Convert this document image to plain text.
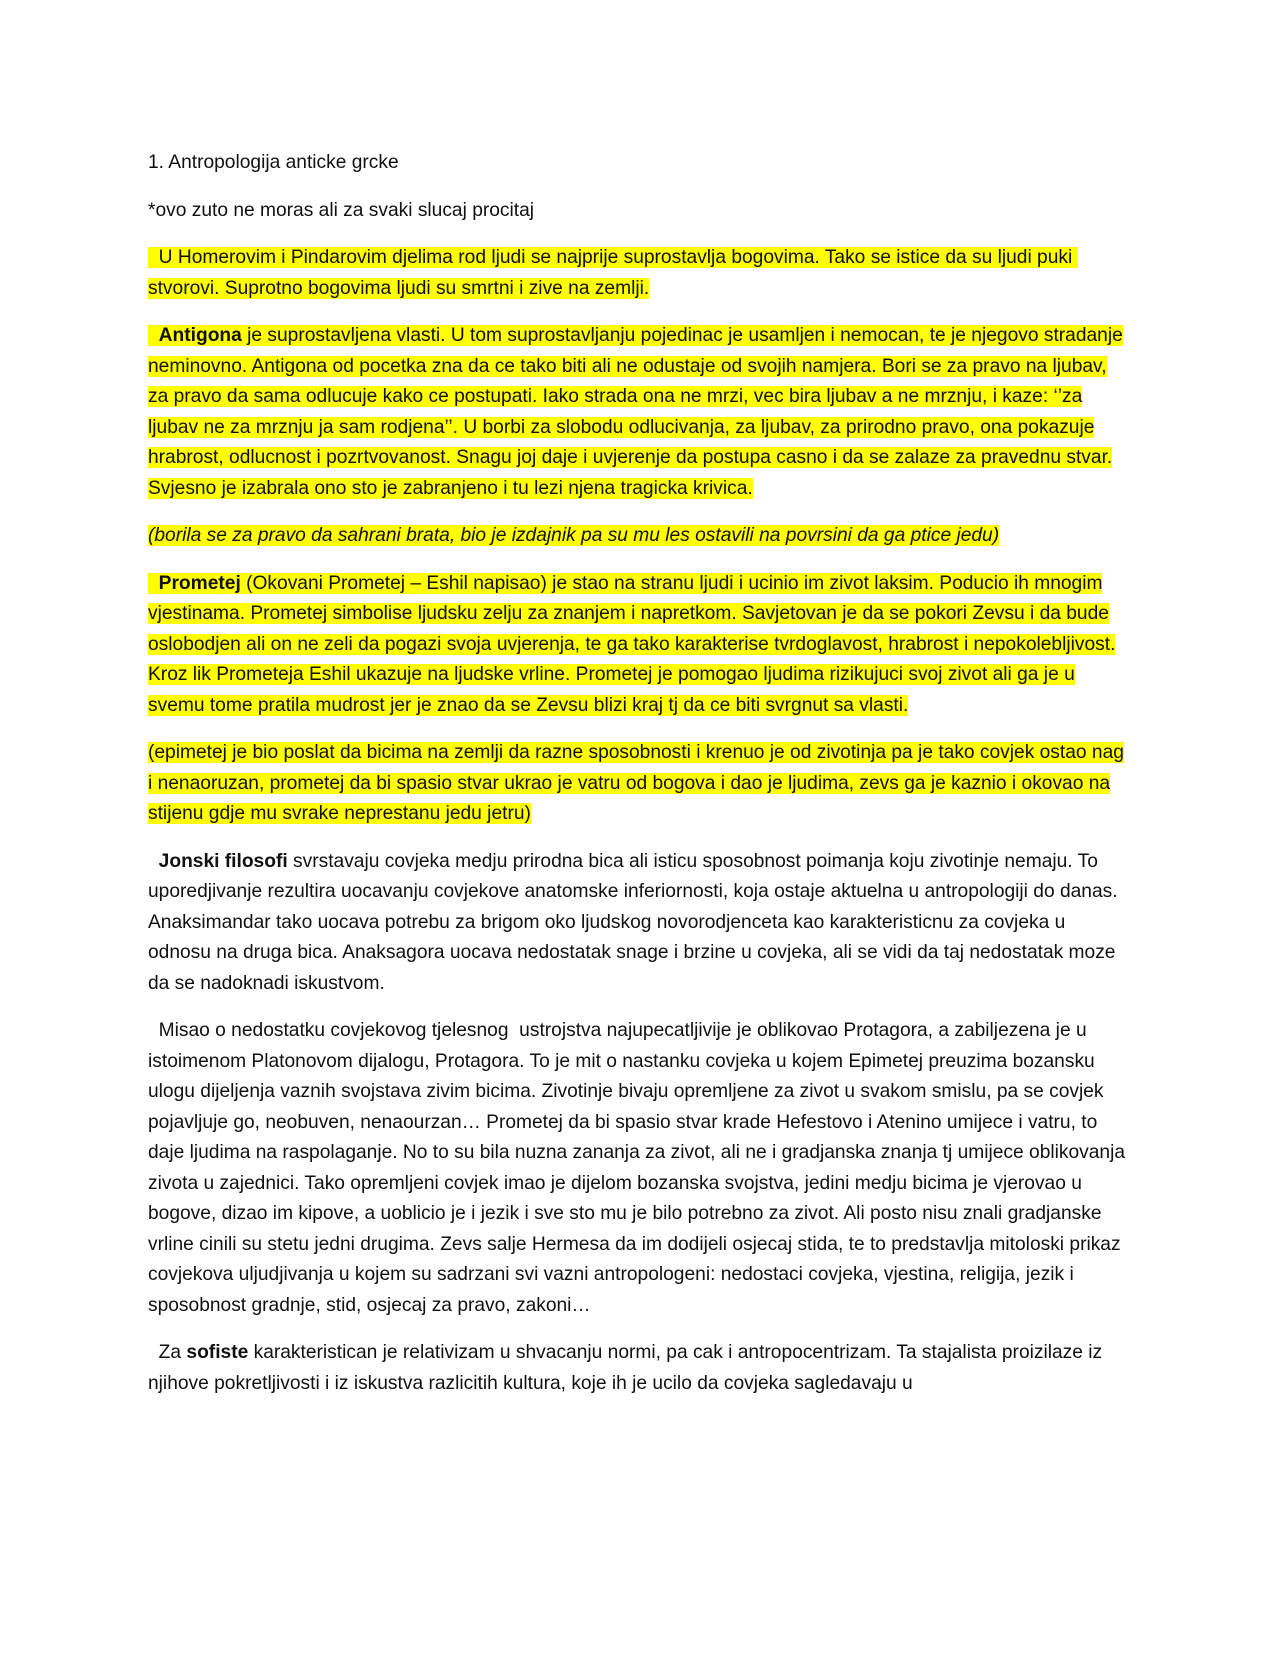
1. Antropologija anticke grcke

*ovo zuto ne moras ali za svaki slucaj procitaj

U Homerovim i Pindarovim djelima rod ljudi se najprije suprostavlja bogovima. Tako se istice da su ljudi puki stvorovi. Suprotno bogovima ljudi su smrtni i zive na zemlji.

Antigona je suprostavljena vlasti. U tom suprostavljanju pojedinac je usamljen i nemocan, te je njegovo stradanje neminovno. Antigona od pocetka zna da ce tako biti ali ne odustaje od svojih namjera. Bori se za pravo na ljubav, za pravo da sama odlucuje kako ce postupati. Iako strada ona ne mrzi, vec bira ljubav a ne mrznju, i kaze: ‘’za ljubav ne za mrznju ja sam rodjena’’. U borbi za slobodu odlucivanja, za ljubav, za prirodno pravo, ona pokazuje hrabrost, odlucnost i pozrtvovanost. Snagu joj daje i uvjerenje da postupa casno i da se zalaze za pravednu stvar. Svjesno je izabrala ono sto je zabranjeno i tu lezi njena tragicka krivica.

(borila se za pravo da sahrani brata, bio je izdajnik pa su mu les ostavili na povrsini da ga ptice jedu)

Prometej (Okovani Prometej – Eshil napisao) je stao na stranu ljudi i ucinio im zivot laksim. Poducio ih mnogim vjestinama. Prometej simbolise ljudsku zelju za znanjem i napretkom. Savjetovan je da se pokori Zevsu i da bude oslobodjen ali on ne zeli da pogazi svoja uvjerenja, te ga tako karakterise tvrdoglavost, hrabrost i nepokolebljivost. Kroz lik Prometeja Eshil ukazuje na ljudske vrline. Prometej je pomogao ljudima rizikujuci svoj zivot ali ga je u svemu tome pratila mudrost jer je znao da se Zevsu blizi kraj tj da ce biti svrgnut sa vlasti.

(epimetej je bio poslat da bicima na zemlji da razne sposobnosti i krenuo je od zivotinja pa je tako covjek ostao nag i nenaoruzan, prometej da bi spasio stvar ukrao je vatru od bogova i dao je ljudima, zevs ga je kaznio i okovao na stijenu gdje mu svrake neprestanu jedu jetru)

Jonski filosofi svrstavaju covjeka medju prirodna bica ali isticu sposobnost poimanja koju zivotinje nemaju. To uporedjivanje rezultira uocavanju covjekove anatomske inferiornosti, koja ostaje aktuelna u antropologiji do danas. Anaksimandar tako uocava potrebu za brigom oko ljudskog novorodjenceta kao karakteristicnu za covjeka u odnosu na druga bica. Anaksagora uocava nedostatak snage i brzine u covjeka, ali se vidi da taj nedostatak moze da se nadoknadi iskustvom.

Misao o nedostatku covjekovog tjelesnog  ustrojstva najupecatljivije je oblikovao Protagora, a zabiljezena je u istoimenom Platonovom dijalogu, Protagora. To je mit o nastanku covjeka u kojem Epimetej preuzima bozansku ulogu dijeljenja vaznih svojstava zivim bicima. Zivotinje bivaju opremljene za zivot u svakom smislu, pa se covjek pojavljuje go, neobuven, nenaourzan… Prometej da bi spasio stvar krade Hefestovo i Atenino umijece i vatru, to daje ljudima na raspolaganje. No to su bila nuzna zananja za zivot, ali ne i gradjanska znanja tj umijece oblikovanja zivota u zajednici. Tako opremljeni covjek imao je dijelom bozanska svojstva, jedini medju bicima je vjerovao u bogove, dizao im kipove, a uoblicio je i jezik i sve sto mu je bilo potrebno za zivot. Ali posto nisu znali gradjanske vrline cinili su stetu jedni drugima. Zevs salje Hermesa da im dodijeli osjecaj stida, te to predstavlja mitoloski prikaz covjekova uljudjivanja u kojem su sadrzani svi vazni antropologeni: nedostaci covjeka, vjestina, religija, jezik i sposobnost gradnje, stid, osjecaj za pravo, zakoni…

Za sofiste karakteristican je relativizam u shvacanju normi, pa cak i antropocentrizam. Ta stajalista proizilaze iz njihove pokretljivosti i iz iskustva razlicitih kultura, koje ih je ucilo da covjeka sagledavaju u
